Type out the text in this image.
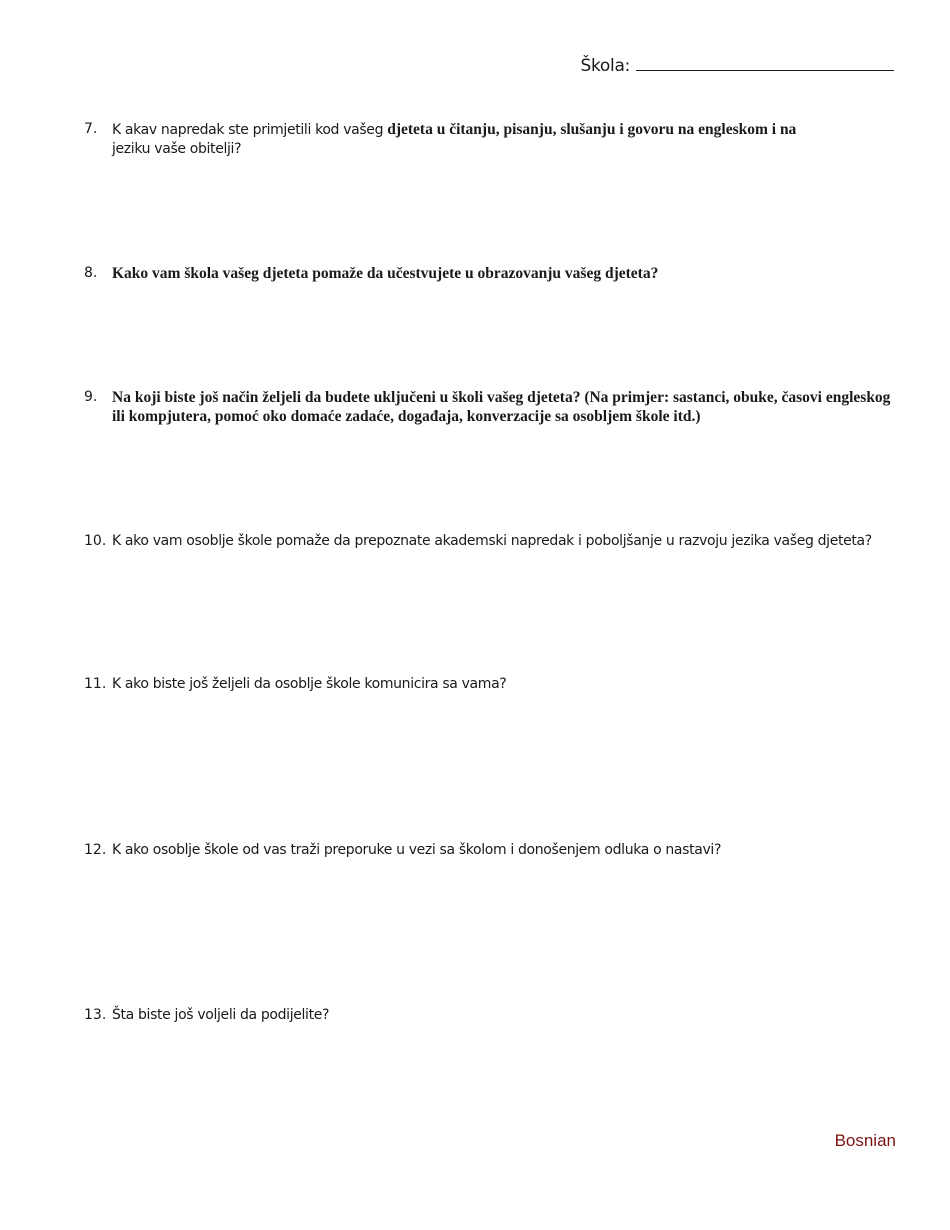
Škola:
7.	K akav napredak ste primjetili kod vašeg djeteta u čitanju, pisanju, slušanju i govoru na engleskom i na
jeziku vaše obitelji?
8. Kako vam škola vašeg djeteta pomaže da učestvujete u obrazovanju vašeg djeteta?
9. Na koji biste još način željeli da budete uključeni u školi vašeg djeteta? (Na primjer: sastanci, obuke, časovi engleskog ili kompjutera, pomoć oko domaće zadaće, događaja, konverzacije sa osobljem škole itd.)
10. K ako vam osoblje škole pomaže da prepoznate akademski napredak i poboljšanje u razvoju jezika vašeg djeteta?
11. K ako biste još željeli da osoblje škole komunicira sa vama?
12. K ako osoblje škole od vas traži preporuke u vezi sa školom i donošenjem odluka o nastavi?
13. Šta biste još voljeli da podijelite?
Bosnian
